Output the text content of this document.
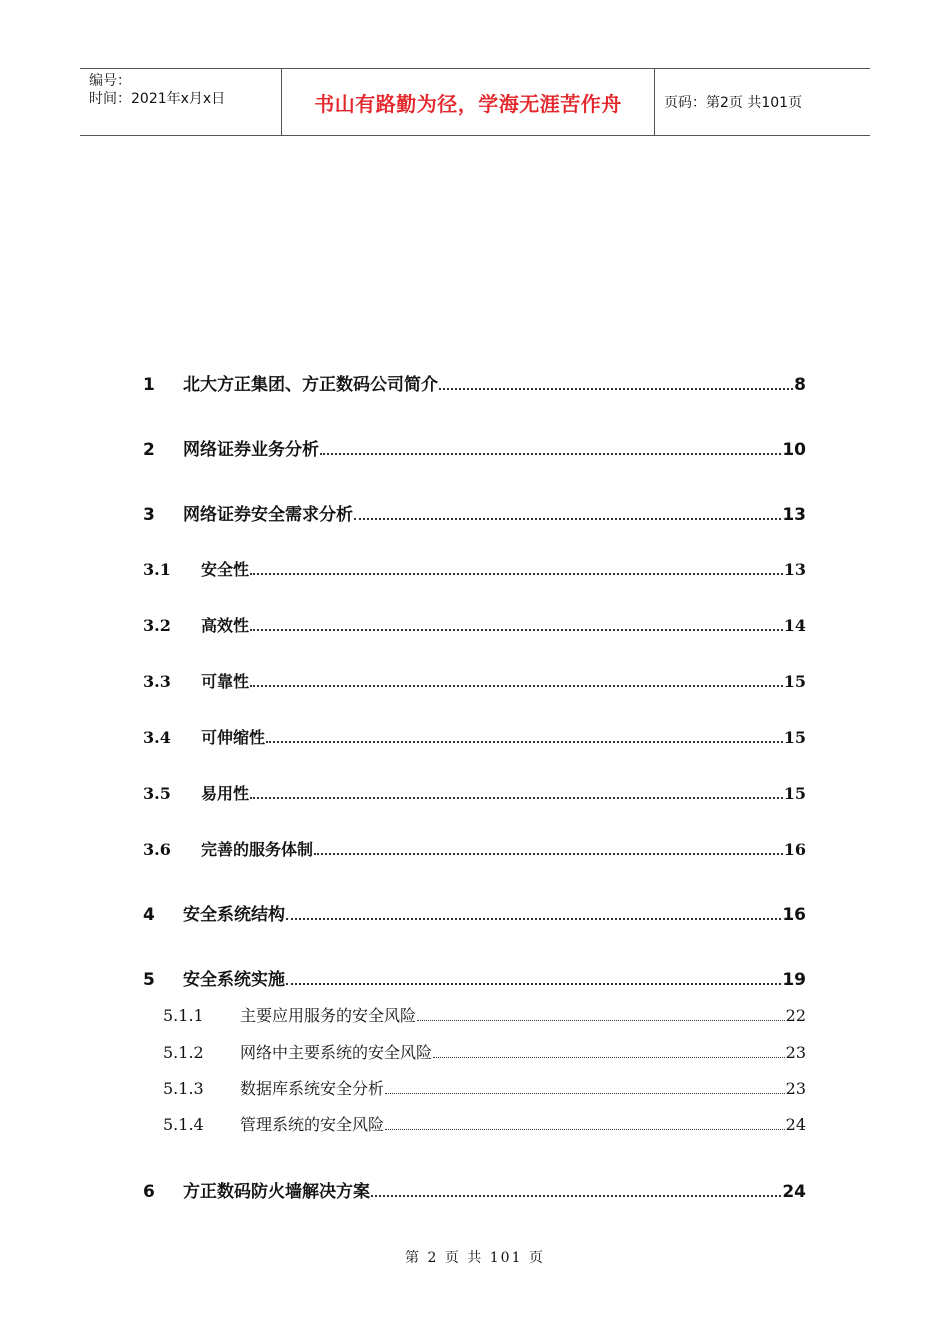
编号：
时间：2021年x月x日	书山有路勤为径，学海无涯苦作舟	页码：第2页 共101页
1	北大方正集团、方正数码公司简介	8
2	网络证券业务分析	10
3	网络证券安全需求分析	13
3.1	安全性	13
3.2	高效性	14
3.3	可靠性	15
3.4	可伸缩性	15
3.5	易用性	15
3.6	完善的服务体制	16
4	安全系统结构	16
5	安全系统实施	19
5.1.1	主要应用服务的安全风险	22
5.1.2	网络中主要系统的安全风险	23
5.1.3	数据库系统安全分析	23
5.1.4	管理系统的安全风险	24
6	方正数码防火墙解决方案	24
第 2 页 共 101 页
